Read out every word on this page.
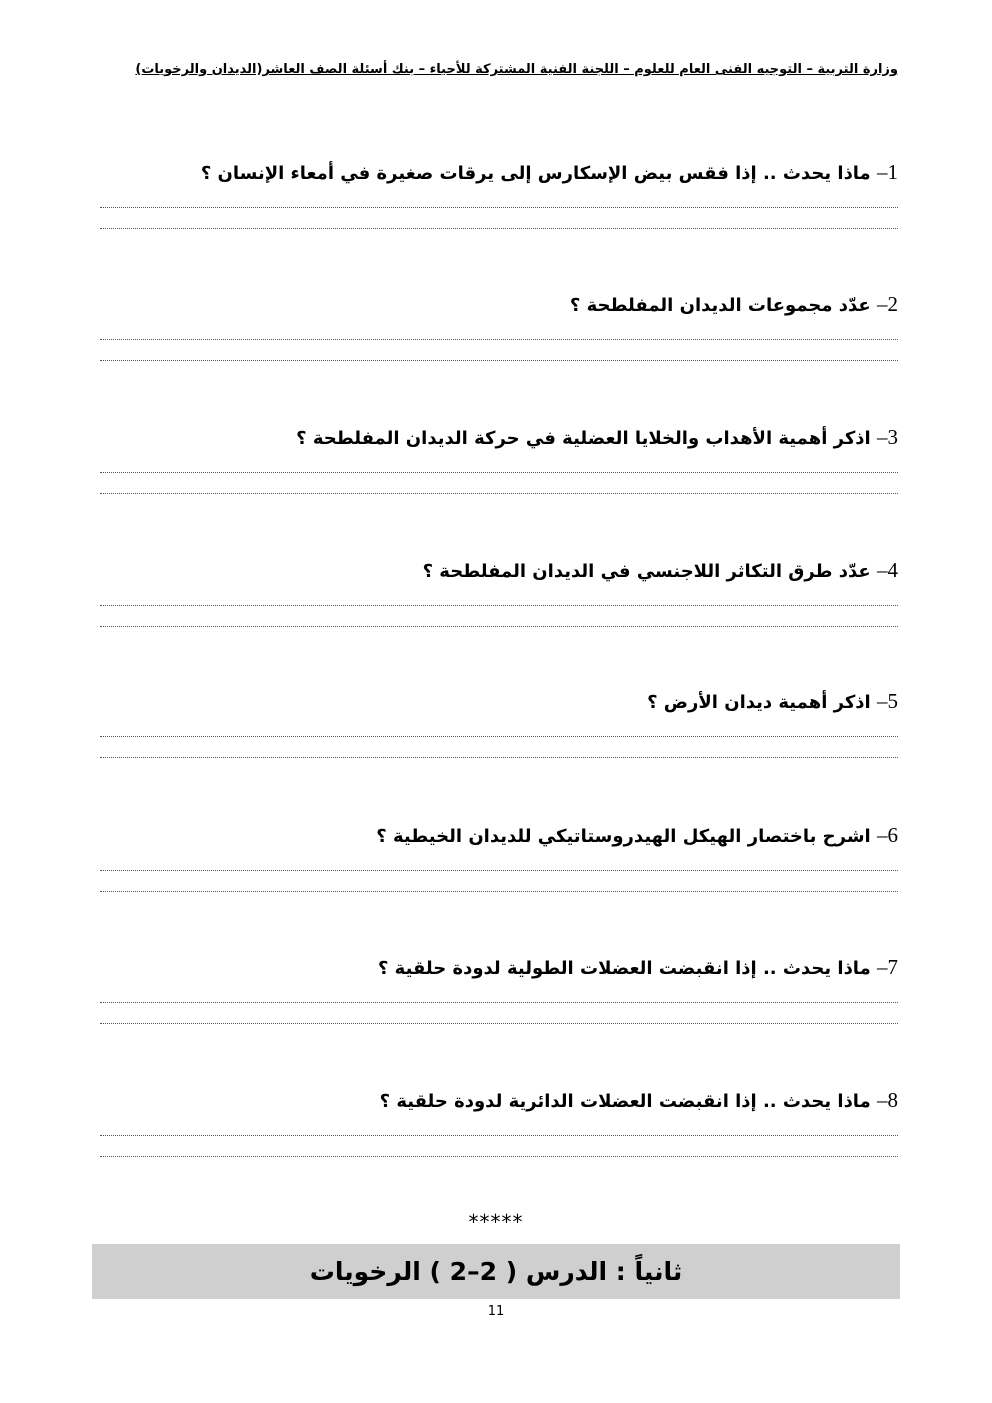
وزارة التربية – التوجيه الفنى العام للعلوم – اللجنة الفنية المشتركة للأحياء – بنك أسئلة الصف العاشر(الديدان والرخويات)
1– ماذا يحدث .. إذا فقس بيض الإسكارس إلى يرقات صغيرة في أمعاء الإنسان ؟
2– عدّد مجموعات الديدان المفلطحة ؟
3– اذكر أهمية الأهداب والخلايا العضلية في حركة الديدان المفلطحة ؟
4– عدّد طرق التكاثر اللاجنسي في الديدان المفلطحة ؟
5– اذكر أهمية ديدان الأرض ؟
6– اشرح باختصار الهيكل الهيدروستاتيكي للديدان الخيطية ؟
7– ماذا يحدث .. إذا انقبضت العضلات الطولية لدودة حلقية ؟
8– ماذا يحدث .. إذا انقبضت العضلات الدائرية لدودة حلقية ؟
*****
ثانياً : الدرس ( 2–2 ) الرخويات
11
